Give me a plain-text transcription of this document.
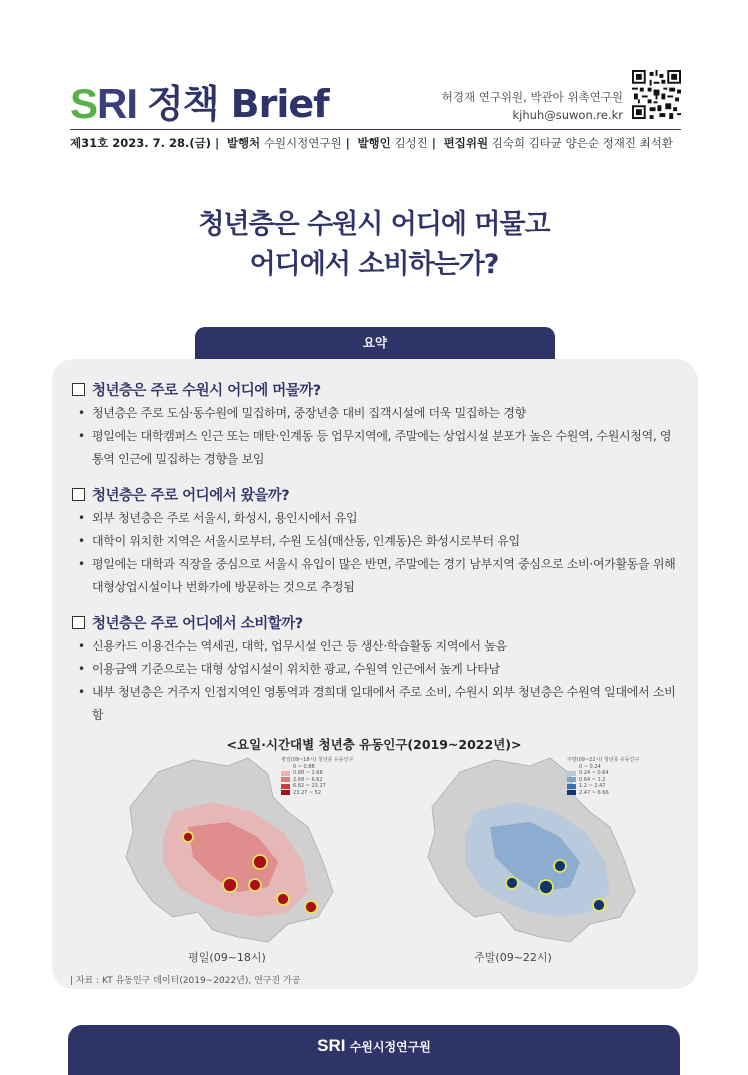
SRI 정책 Brief	허경재 연구위원, 박관아 위촉연구원
kjhuh@suwon.re.kr
제31호 2023. 7. 28.(금) | 발행처 수원시정연구원 | 발행인 김성진 | 편집위원 김숙희 김타균 양은순 정재진 최석환
청년층은 수원시 어디에 머물고
어디에서 소비하는가?
요약
청년층은 주로 수원시 어디에 머물까?
• 청년층은 주로 도심·동수원에 밀집하며, 중장년층 대비 집객시설에 더욱 밀집하는 경향
• 평일에는 대학캠퍼스 인근 또는 매탄·인계동 등 업무지역에, 주말에는 상업시설 분포가 높은 수원역, 수원시청역, 영통역 인근에 밀집하는 경향을 보임
청년층은 주로 어디에서 왔을까?
• 외부 청년층은 주로 서울시, 화성시, 용인시에서 유입
• 대학이 위치한 지역은 서울시로부터, 수원 도심(매산동, 인계동)은 화성시로부터 유입
• 평일에는 대학과 직장을 중심으로 서울시 유입이 많은 반면, 주말에는 경기 남부지역 중심으로 소비·여가활동을 위해 대형상업시설이나 번화가에 방문하는 것으로 추정됨
청년층은 주로 어디에서 소비할까?
• 신용카드 이용건수는 역세권, 대학, 업무시설 인근 등 생산·학습활동 지역에서 높음
• 이용금액 기준으로는 대형 상업시설이 위치한 광교, 수원역 인근에서 높게 나타남
• 내부 청년층은 거주지 인접지역인 영통역과 경희대 일대에서 주로 소비, 수원시 외부 청년층은 수원역 일대에서 소비함
<요일·시간대별 청년층 유동인구(2019~2022년)>
평일(09~18시) 청년층 유동인구
0 ~ 0.88
0.88 ~ 2.68
2.68 ~ 6.62
6.62 ~ 23.27
23.27 ~ 52
평일(09~18시)
주말(09~22시) 청년층 유동인구
0 ~ 0.24
0.24 ~ 0.64
0.64 ~ 1.2
1.2 ~ 2.47
2.47 ~ 6.66
주말(09~22시)
| 자료 : KT 유동인구 데이터(2019~2022년), 연구진 가공
SRI 수원시정연구원
